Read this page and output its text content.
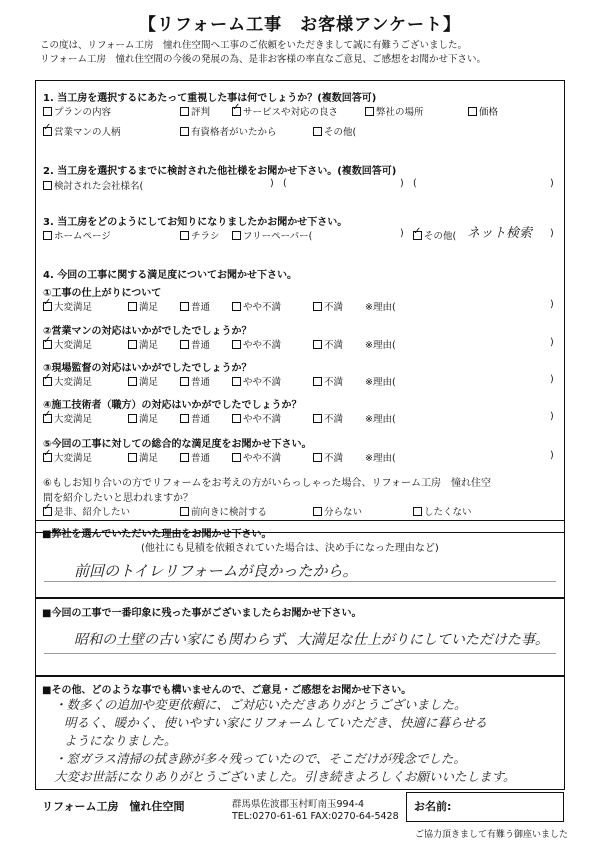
【リフォーム工事　お客様アンケート】
この度は、リフォーム工房　憧れ住空間へ工事のご依頼をいただきまして誠に有難うございました。
リフォーム工房　憧れ住空間の今後の発展の為、是非お客様の率直なご意見、ご感想をお聞かせ下さい。
1. 当工房を選択するにあたって重視した事は何でしょうか？(複数回答可)
プランの内容	評判 ✓	サービスや対応の良さ	弊社の場所	価格
✓営業マンの人柄	有資格者がいたから	その他(
2. 当工房を選択するまでに検討された他社様をお聞かせ下さい。(複数回答可)
検討された会社様名(	) (	) (	)
3. 当工房をどのようにしてお知りになりましたかお聞かせ下さい。
ホームページ	チラシ	フリーペーパー(	) ✓	その他( ネット検索 )
4. 今回の工事に関する満足度についてお聞かせ下さい。
①工事の仕上がりについて
✓大変満足	満足	普通	やや不満	不満 ※理由(	)
②営業マンの対応はいかがでしたでしょうか？
✓大変満足	満足	普通	やや不満	不満 ※理由(	)
③現場監督の対応はいかがでしたでしょうか？
✓大変満足	満足	普通	やや不満	不満 ※理由(	)
④施工技術者（職方）の対応はいかがでしたでしょうか？
✓大変満足	満足	普通	やや不満	不満 ※理由(	)
⑤今回の工事に対しての総合的な満足度をお聞かせ下さい。
✓大変満足	満足	普通	やや不満	不満 ※理由(	)
⑥もしお知り合いの方でリフォームをお考えの方がいらっしゃった場合、リフォーム工房　憧れ住空
間を紹介したいと思われますか？
✓是非、紹介したい	前向きに検討する	分らない	したくない
■弊社を選んでいただいた理由をお聞かせ下さい。
(他社にも見積を依頼されていた場合は、決め手になった理由など)
前回のトイレリフォームが良かったから。
■今回の工事で一番印象に残った事がございましたらお聞かせ下さい。
昭和の土壁の古い家にも関わらず、大満足な仕上がりにしていただけた事。
■その他、どのような事でも構いませんので、ご意見・ご感想をお聞かせ下さい。
・数多くの追加や変更依頼に、ご対応いただきありがとうございました。
明るく、暖かく、使いやすい家にリフォームしていただき、快適に暮らせる
ようになりました。
・窓ガラス清掃の拭き跡が多々残っていたので、そこだけが残念でした。
大変お世話になりありがとうございました。引き続きよろしくお願いいたします。
リフォーム工房　憧れ住空間	群馬県佐波郡玉村町南玉994-4
TEL:0270-61-61 FAX:0270-64-5428
お名前:
ご協力頂きまして有難う御座いました
